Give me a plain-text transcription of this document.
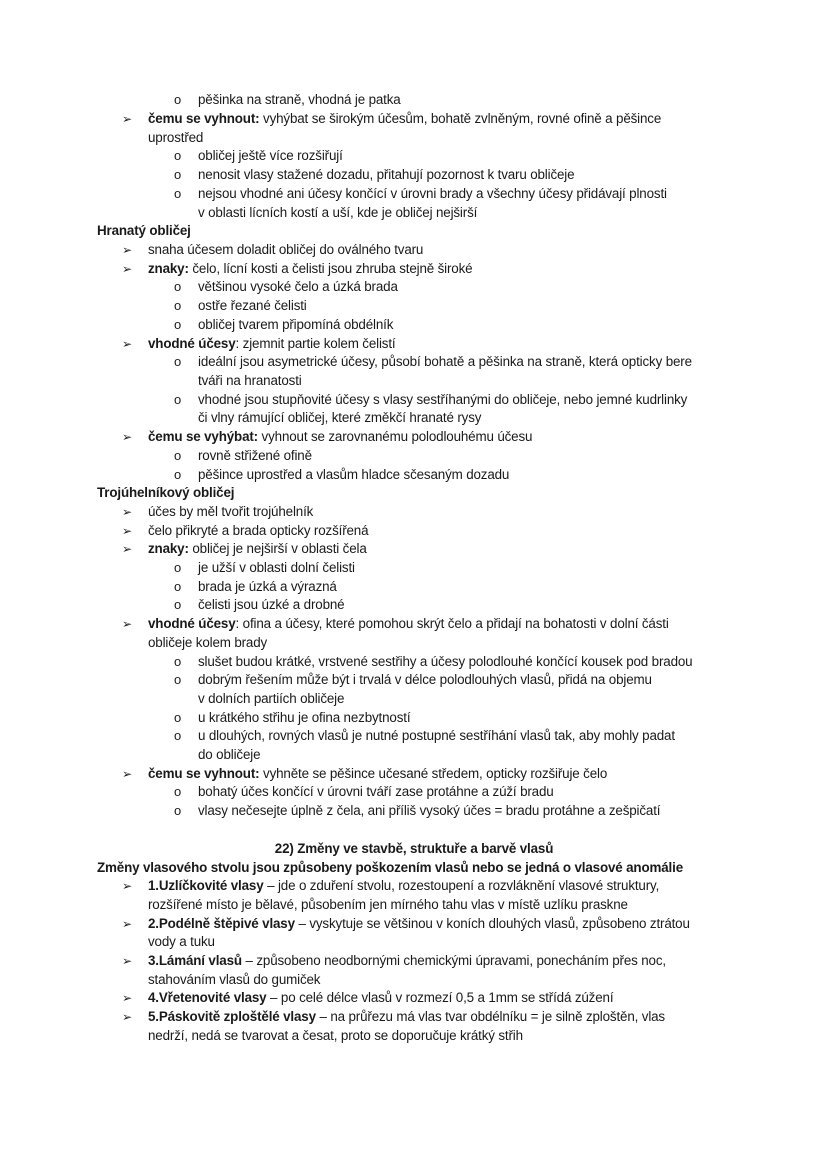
o pěšinka na straně, vhodná je patka
➢ čemu se vyhnout: vyhýbat se širokým účesům, bohatě zvlněným, rovné ofině a pěšince
uprostřed
o obličej ještě více rozšiřují
o nenosit vlasy stažené dozadu, přitahují pozornost k tvaru obličeje
o nejsou vhodné ani účesy končící v úrovni brady a všechny účesy přidávají plnosti
v oblasti lícních kostí a uší, kde je obličej nejširší
Hranatý obličej
➢ snaha účesem doladit obličej do oválného tvaru
➢ znaky: čelo, lícní kosti a čelisti jsou zhruba stejně široké
o většinou vysoké čelo a úzká brada
o ostře řezané čelisti
o obličej tvarem připomíná obdélník
➢ vhodné účesy: zjemnit partie kolem čelistí
o ideální jsou asymetrické účesy, působí bohatě a pěšinka na straně, která opticky bere
tváři na hranatosti
o vhodné jsou stupňovité účesy s vlasy sestříhanými do obličeje, nebo jemné kudrlinky
či vlny rámující obličej, které změkčí hranaté rysy
➢ čemu se vyhýbat: vyhnout se zarovnanému polodlouhému účesu
o rovně střižené ofině
o pěšince uprostřed a vlasům hladce sčesaným dozadu
Trojúhelníkový obličej
➢ účes by měl tvořit trojúhelník
➢ čelo přikryté a brada opticky rozšířená
➢ znaky: obličej je nejširší v oblasti čela
o je užší v oblasti dolní čelisti
o brada je úzká a výrazná
o čelisti jsou úzké a drobné
➢ vhodné účesy: ofina a účesy, které pomohou skrýt čelo a přidají na bohatosti v dolní části
obličeje kolem brady
o slušet budou krátké, vrstvené sestřihy a účesy polodlouhé končící kousek pod bradou
o dobrým řešením může být i trvalá v délce polodlouhých vlasů, přidá na objemu
v dolních partiích obličeje
o u krátkého střihu je ofina nezbytností
o u dlouhých, rovných vlasů je nutné postupné sestříhání vlasů tak, aby mohly padat
do obličeje
➢ čemu se vyhnout: vyhněte se pěšince učesané středem, opticky rozšiřuje čelo
o bohatý účes končící v úrovni tváří zase protáhne a zúží bradu
o vlasy nečesejte úplně z čela, ani příliš vysoký účes = bradu protáhne a zešpičatí
22) Změny ve stavbě, struktuře a barvě vlasů
Změny vlasového stvolu jsou způsobeny poškozením vlasů nebo se jedná o vlasové anomálie
➢ 1.Uzlíčkovité vlasy – jde o zduření stvolu, rozestoupení a rozvláknění vlasové struktury,
rozšířené místo je bělavé, působením jen mírného tahu vlas v místě uzlíku praskne
➢ 2.Podélně štěpivé vlasy – vyskytuje se většinou v koních dlouhých vlasů, způsobeno ztrátou
vody a tuku
➢ 3.Lámání vlasů – způsobeno neodbornými chemickými úpravami, ponecháním přes noc,
stahováním vlasů do gumiček
➢ 4.Vřetenovité vlasy – po celé délce vlasů v rozmezí 0,5 a 1mm se střídá zúžení
➢ 5.Páskovitě zploštělé vlasy – na průřezu má vlas tvar obdélníku = je silně zploštěn, vlas
nedrží, nedá se tvarovat a česat, proto se doporučuje krátký střih
